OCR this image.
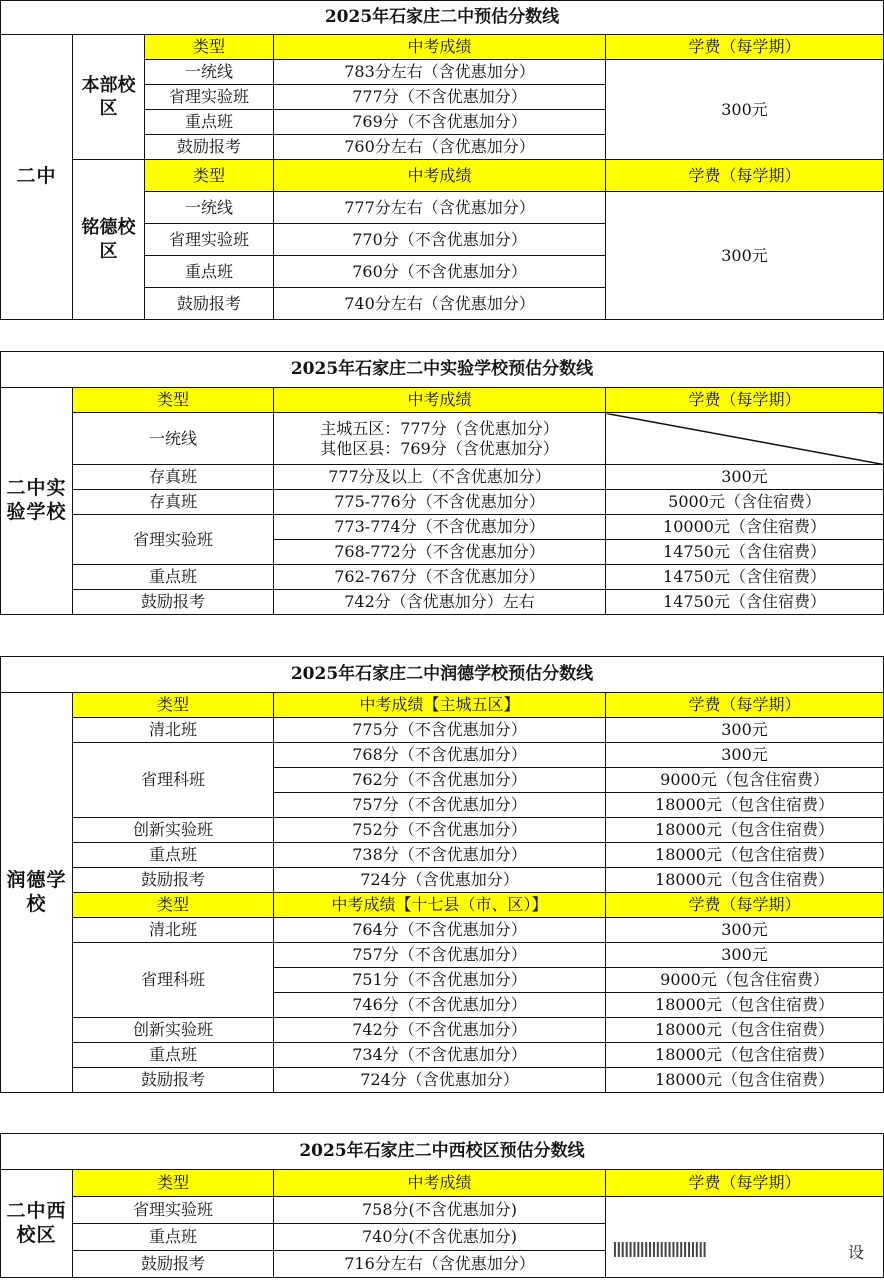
2025年石家庄二中预估分数线				
二中	本部校区	类型	中考成绩	学费（每学期）
		一统线	783分左右（含优惠加分）	300元
		省理实验班	777分（不含优惠加分）	
		重点班	769分（不含优惠加分）	
		鼓励报考	760分左右（含优惠加分）	
	铭德校区	类型	中考成绩	学费（每学期）
		一统线	777分左右（含优惠加分）	300元
		省理实验班	770分（不含优惠加分）	
		重点班	760分（不含优惠加分）	
		鼓励报考	740分左右（含优惠加分）	
2025年石家庄二中实验学校预估分数线			
二中实验学校	类型	中考成绩	学费（每学期）
	一统线	主城五区：777分（含优惠加分）
其他区县：769分（含优惠加分）	

	存真班	777分及以上（不含优惠加分）	300元
	存真班	775-776分（不含优惠加分）	5000元（含住宿费）
	省理实验班	773-774分（不含优惠加分）	10000元（含住宿费）
		768-772分（不含优惠加分）	14750元（含住宿费）
	重点班	762-767分（不含优惠加分）	14750元（含住宿费）
	鼓励报考	742分（含优惠加分）左右	14750元（含住宿费）
2025年石家庄二中润德学校预估分数线			
润德学校	类型	中考成绩【主城五区】	学费（每学期）
	清北班	775分（不含优惠加分）	300元
	省理科班	768分（不含优惠加分）	300元
		762分（不含优惠加分）	9000元（包含住宿费）
		757分（不含优惠加分）	18000元（包含住宿费）
	创新实验班	752分（不含优惠加分）	18000元（包含住宿费）
	重点班	738分（不含优惠加分）	18000元（包含住宿费）
	鼓励报考	724分（含优惠加分）	18000元（包含住宿费）
	类型	中考成绩【十七县（市、区）】	学费（每学期）
	清北班	764分（不含优惠加分）	300元
	省理科班	757分（不含优惠加分）	300元
		751分（不含优惠加分）	9000元（包含住宿费）
		746分（不含优惠加分）	18000元（包含住宿费）
	创新实验班	742分（不含优惠加分）	18000元（包含住宿费）
	重点班	734分（不含优惠加分）	18000元（包含住宿费）
	鼓励报考	724分（含优惠加分）	18000元（包含住宿费）
2025年石家庄二中西校区预估分数线			
二中西校区	类型	中考成绩	学费（每学期）
	省理实验班	758分(不含优惠加分)	
	重点班	740分(不含优惠加分)	
	鼓励报考	716分左右（含优惠加分）	
IIIIIIIIIIIIIIIIIIIIIIII	设
